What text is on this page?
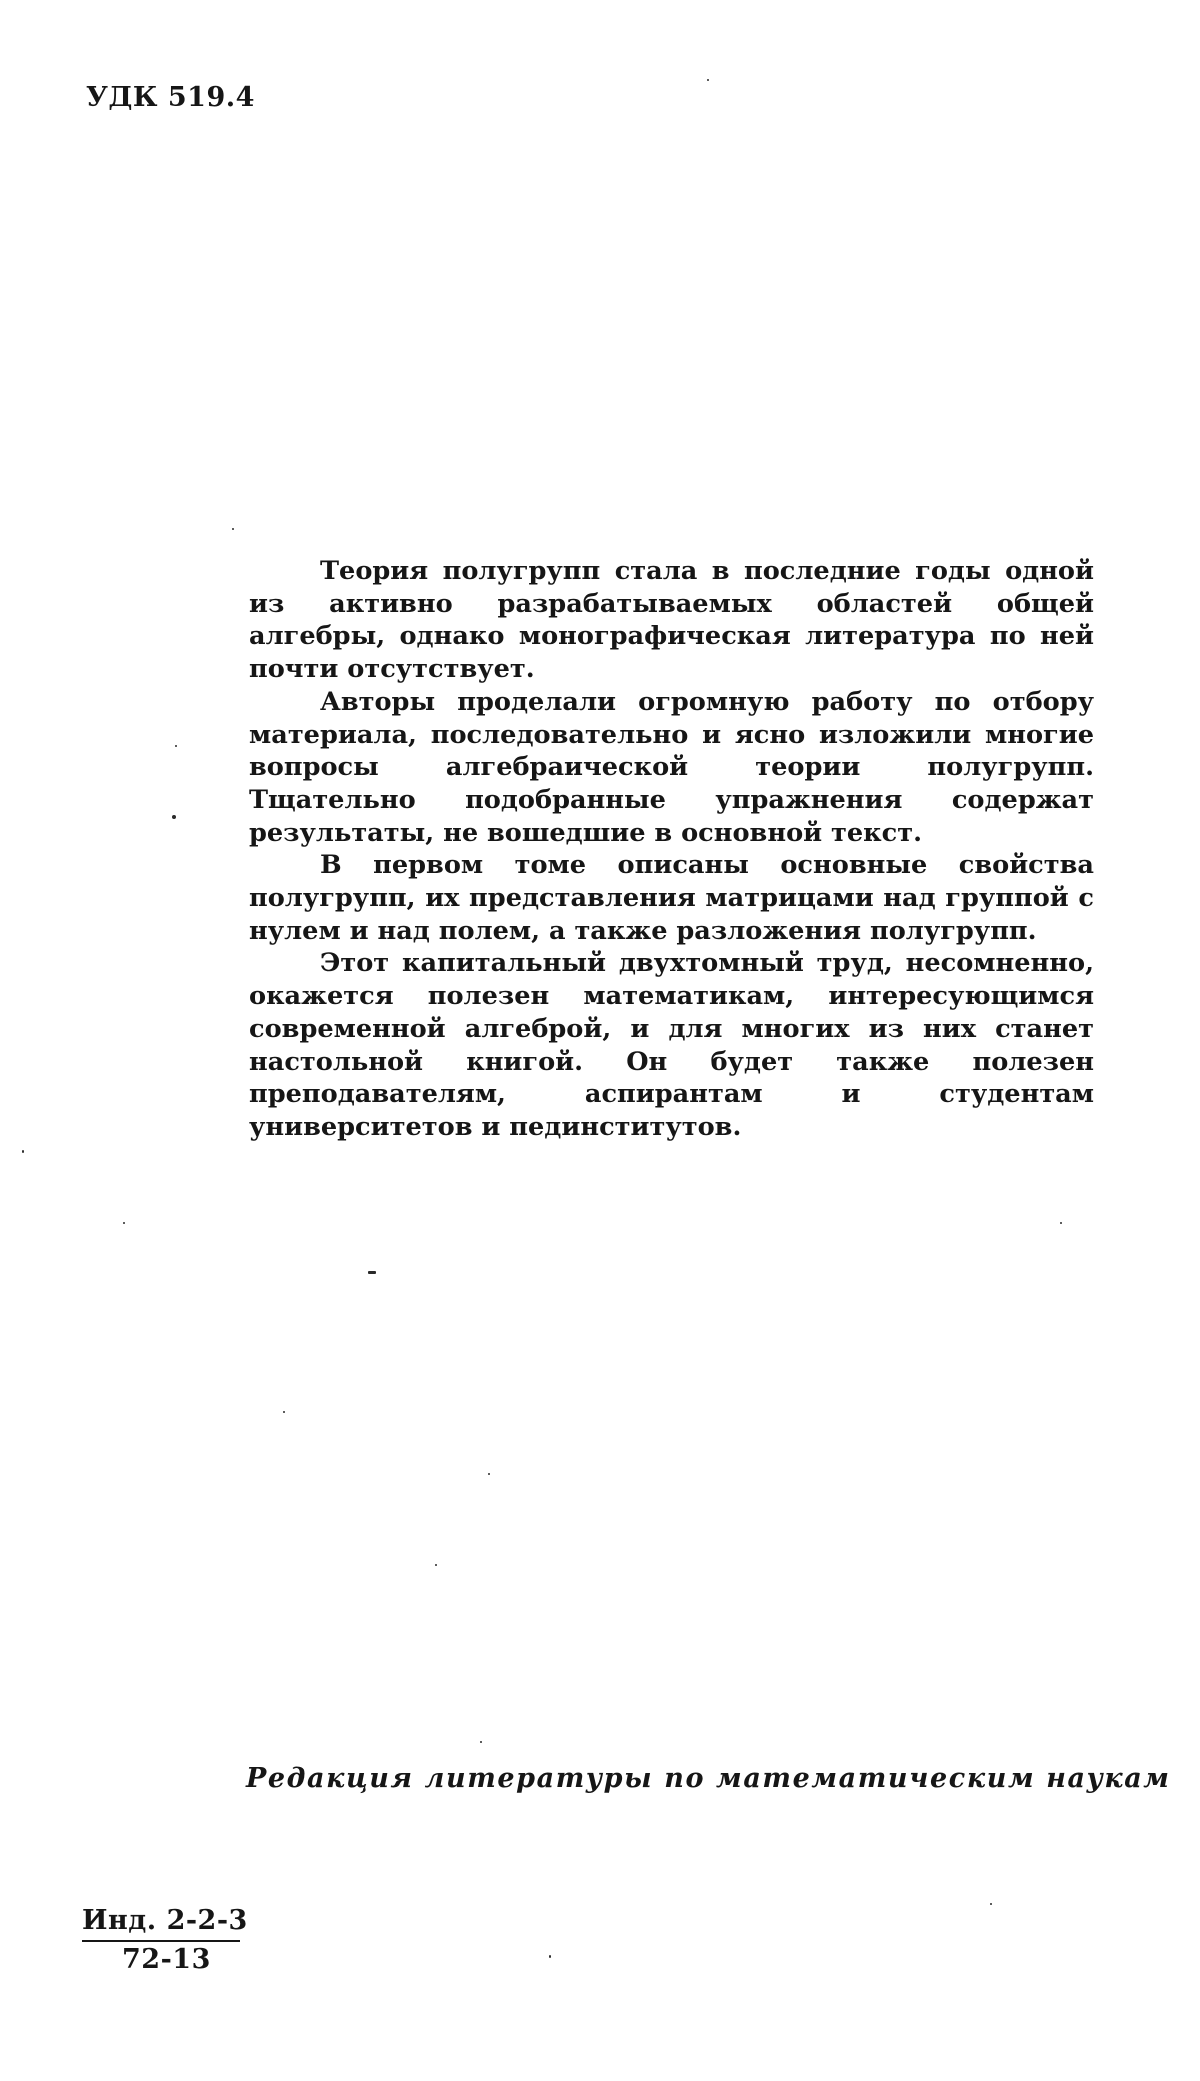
УДК 519.4

Теория полугрупп стала в последние годы одной из активно разрабатываемых областей общей алгебры, однако монографическая литература по ней почти отсутствует.

Авторы проделали огромную работу по отбору материала, последовательно и ясно изложили многие вопросы алгебраической теории полугрупп. Тщательно подобранные упражнения содержат результаты, не вошедшие в основной текст.

В первом томе описаны основные свойства полугрупп, их представления матрицами над группой с нулем и над полем, а также разложения полугрупп.

Этот капитальный двухтомный труд, несомненно, окажется полезен математикам, интересующимся современной алгеброй, и для многих из них станет настольной книгой. Он будет также полезен преподавателям, аспирантам и студентам университетов и пединститутов.

Редакция литературы по математическим наукам
Инд. 2-2-3
72-13
